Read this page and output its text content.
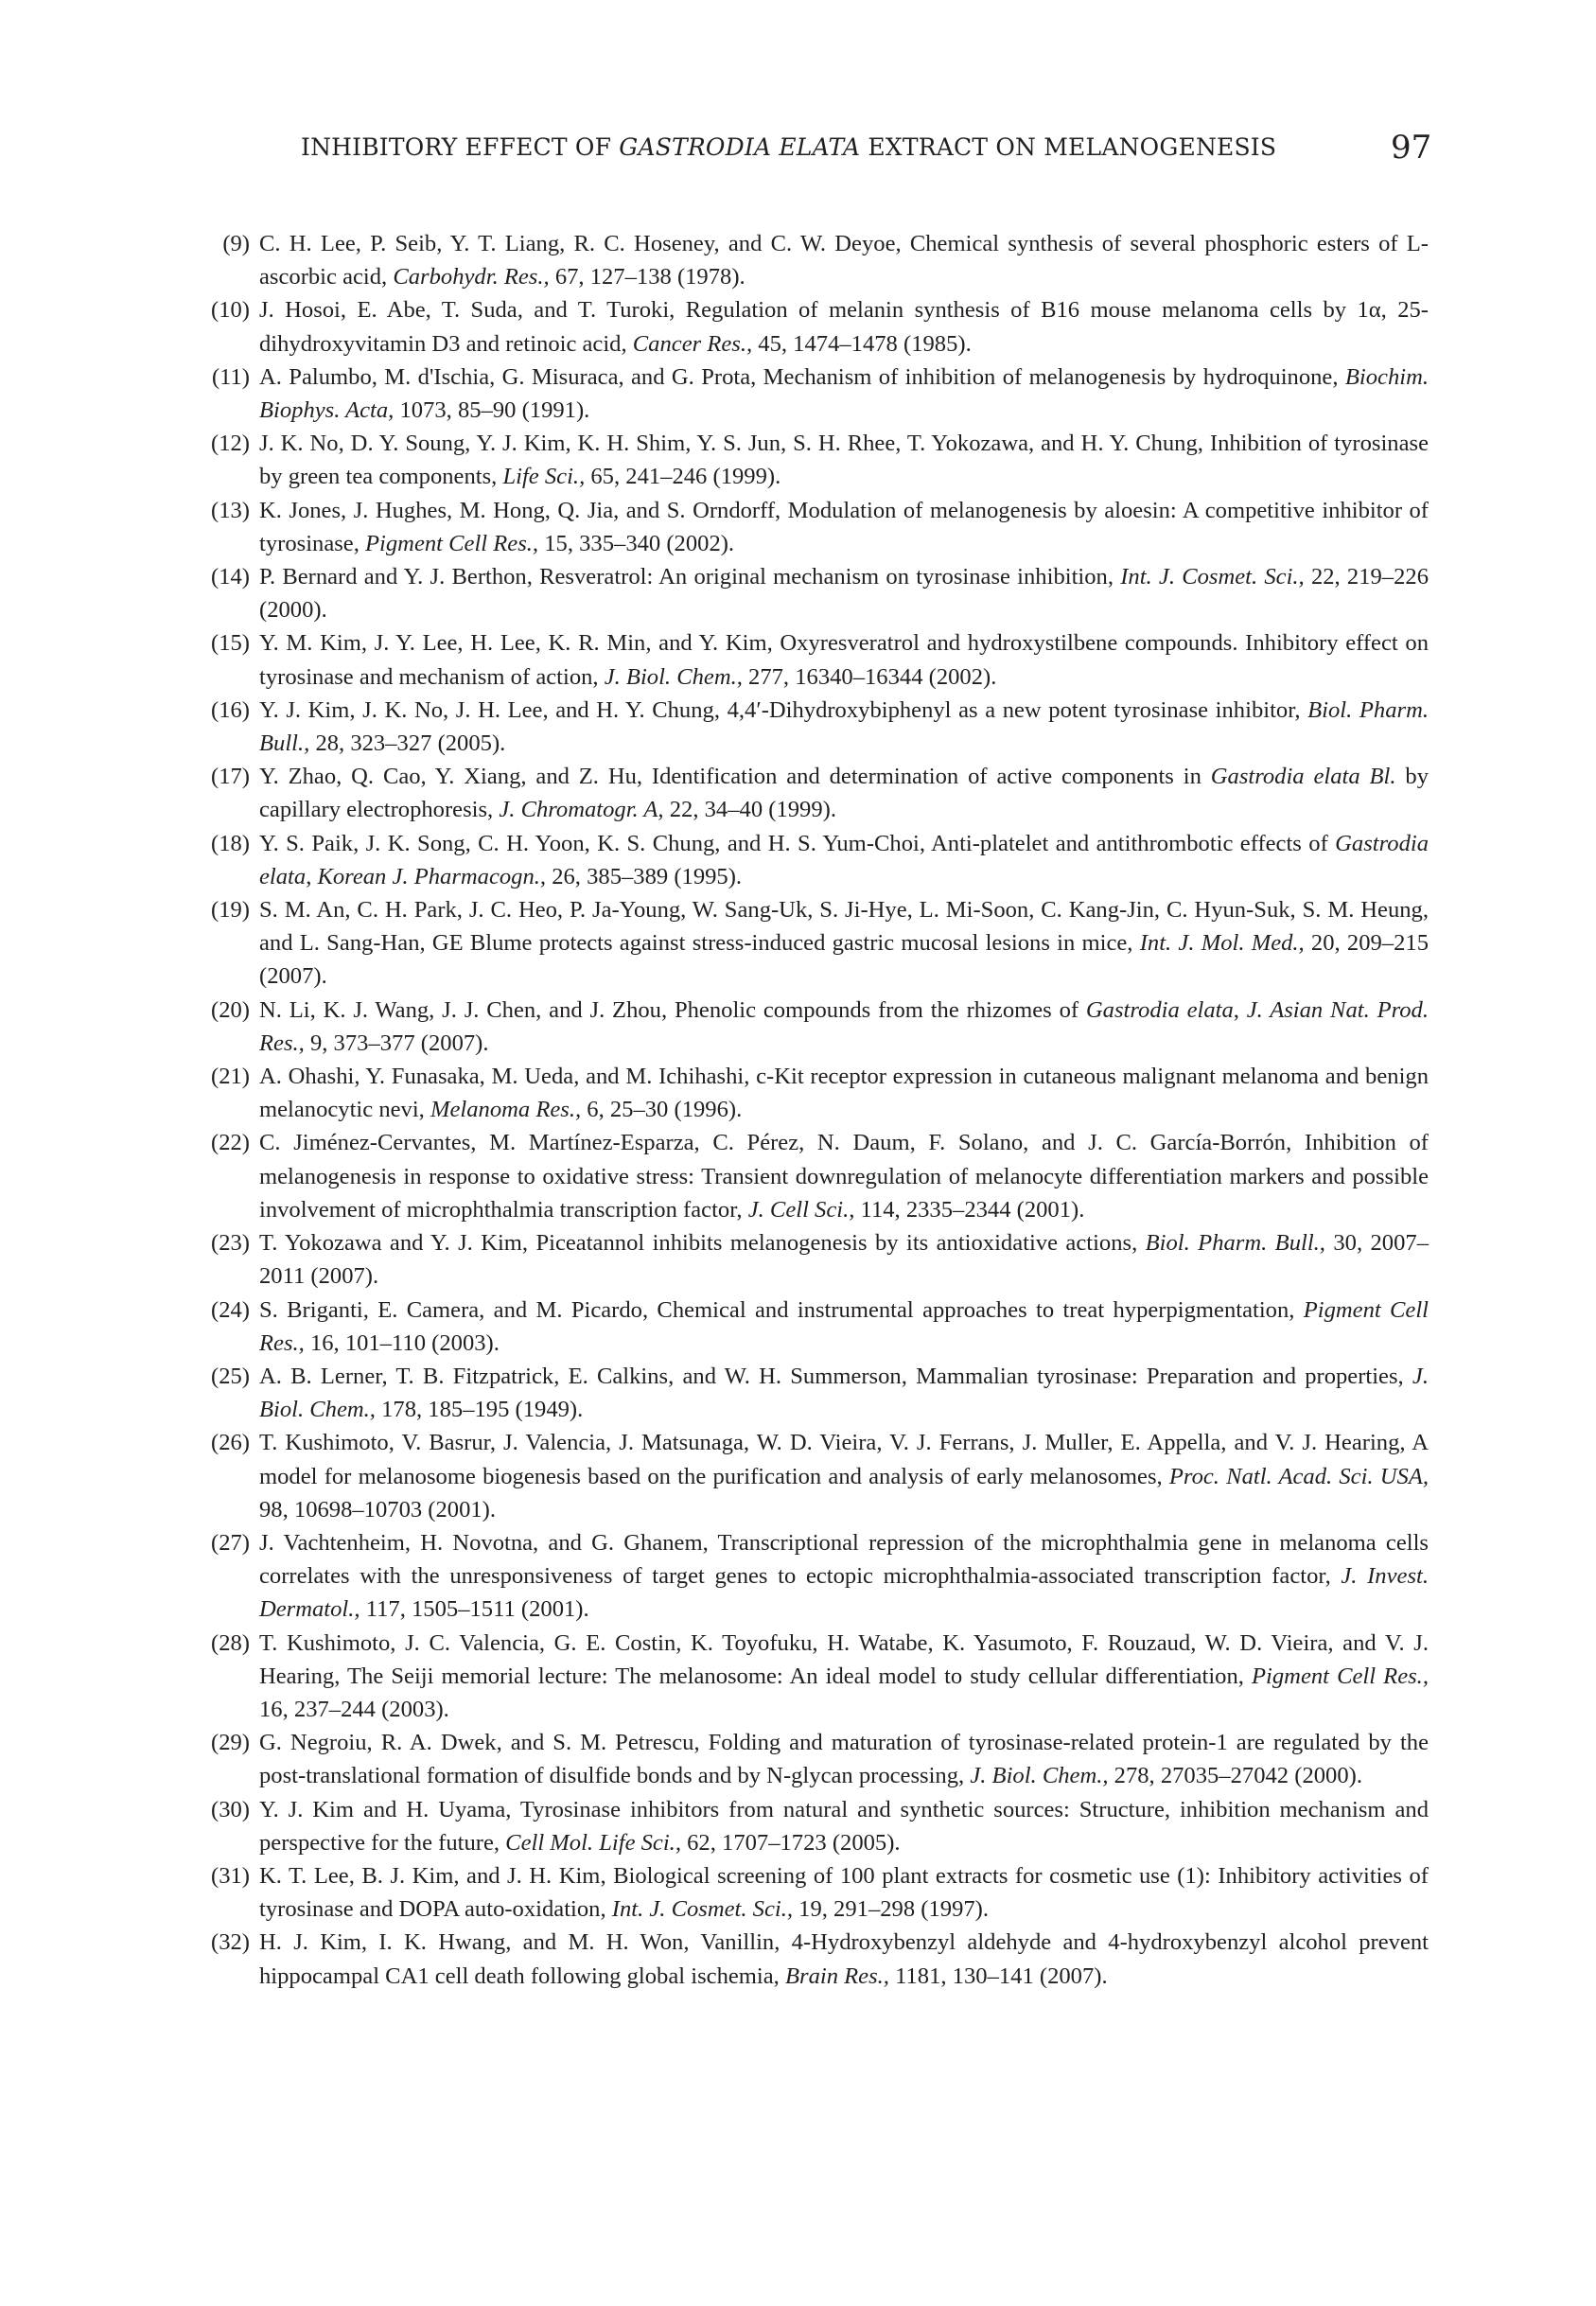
INHIBITORY EFFECT OF GASTRODIA ELATA EXTRACT ON MELANOGENESIS	97
(9) C. H. Lee, P. Seib, Y. T. Liang, R. C. Hoseney, and C. W. Deyoe, Chemical synthesis of several phosphoric esters of L-ascorbic acid, Carbohydr. Res., 67, 127–138 (1978).
(10) J. Hosoi, E. Abe, T. Suda, and T. Turoki, Regulation of melanin synthesis of B16 mouse melanoma cells by 1α, 25-dihydroxyvitamin D3 and retinoic acid, Cancer Res., 45, 1474–1478 (1985).
(11) A. Palumbo, M. d'Ischia, G. Misuraca, and G. Prota, Mechanism of inhibition of melanogenesis by hydroquinone, Biochim. Biophys. Acta, 1073, 85–90 (1991).
(12) J. K. No, D. Y. Soung, Y. J. Kim, K. H. Shim, Y. S. Jun, S. H. Rhee, T. Yokozawa, and H. Y. Chung, Inhibition of tyrosinase by green tea components, Life Sci., 65, 241–246 (1999).
(13) K. Jones, J. Hughes, M. Hong, Q. Jia, and S. Orndorff, Modulation of melanogenesis by aloesin: A competitive inhibitor of tyrosinase, Pigment Cell Res., 15, 335–340 (2002).
(14) P. Bernard and Y. J. Berthon, Resveratrol: An original mechanism on tyrosinase inhibition, Int. J. Cosmet. Sci., 22, 219–226 (2000).
(15) Y. M. Kim, J. Y. Lee, H. Lee, K. R. Min, and Y. Kim, Oxyresveratrol and hydroxystilbene compounds. Inhibitory effect on tyrosinase and mechanism of action, J. Biol. Chem., 277, 16340–16344 (2002).
(16) Y. J. Kim, J. K. No, J. H. Lee, and H. Y. Chung, 4,4′-Dihydroxybiphenyl as a new potent tyrosinase inhibitor, Biol. Pharm. Bull., 28, 323–327 (2005).
(17) Y. Zhao, Q. Cao, Y. Xiang, and Z. Hu, Identification and determination of active components in Gastrodia elata Bl. by capillary electrophoresis, J. Chromatogr. A, 22, 34–40 (1999).
(18) Y. S. Paik, J. K. Song, C. H. Yoon, K. S. Chung, and H. S. Yum-Choi, Anti-platelet and antithrombotic effects of Gastrodia elata, Korean J. Pharmacogn., 26, 385–389 (1995).
(19) S. M. An, C. H. Park, J. C. Heo, P. Ja-Young, W. Sang-Uk, S. Ji-Hye, L. Mi-Soon, C. Kang-Jin, C. Hyun-Suk, S. M. Heung, and L. Sang-Han, GE Blume protects against stress-induced gastric mucosal lesions in mice, Int. J. Mol. Med., 20, 209–215 (2007).
(20) N. Li, K. J. Wang, J. J. Chen, and J. Zhou, Phenolic compounds from the rhizomes of Gastrodia elata, J. Asian Nat. Prod. Res., 9, 373–377 (2007).
(21) A. Ohashi, Y. Funasaka, M. Ueda, and M. Ichihashi, c-Kit receptor expression in cutaneous malignant melanoma and benign melanocytic nevi, Melanoma Res., 6, 25–30 (1996).
(22) C. Jiménez-Cervantes, M. Martínez-Esparza, C. Pérez, N. Daum, F. Solano, and J. C. García-Borrón, Inhibition of melanogenesis in response to oxidative stress: Transient downregulation of melanocyte differentiation markers and possible involvement of microphthalmia transcription factor, J. Cell Sci., 114, 2335–2344 (2001).
(23) T. Yokozawa and Y. J. Kim, Piceatannol inhibits melanogenesis by its antioxidative actions, Biol. Pharm. Bull., 30, 2007–2011 (2007).
(24) S. Briganti, E. Camera, and M. Picardo, Chemical and instrumental approaches to treat hyperpigmentation, Pigment Cell Res., 16, 101–110 (2003).
(25) A. B. Lerner, T. B. Fitzpatrick, E. Calkins, and W. H. Summerson, Mammalian tyrosinase: Preparation and properties, J. Biol. Chem., 178, 185–195 (1949).
(26) T. Kushimoto, V. Basrur, J. Valencia, J. Matsunaga, W. D. Vieira, V. J. Ferrans, J. Muller, E. Appella, and V. J. Hearing, A model for melanosome biogenesis based on the purification and analysis of early melanosomes, Proc. Natl. Acad. Sci. USA, 98, 10698–10703 (2001).
(27) J. Vachtenheim, H. Novotna, and G. Ghanem, Transcriptional repression of the microphthalmia gene in melanoma cells correlates with the unresponsiveness of target genes to ectopic microphthalmia-associated transcription factor, J. Invest. Dermatol., 117, 1505–1511 (2001).
(28) T. Kushimoto, J. C. Valencia, G. E. Costin, K. Toyofuku, H. Watabe, K. Yasumoto, F. Rouzaud, W. D. Vieira, and V. J. Hearing, The Seiji memorial lecture: The melanosome: An ideal model to study cellular differentiation, Pigment Cell Res., 16, 237–244 (2003).
(29) G. Negroiu, R. A. Dwek, and S. M. Petrescu, Folding and maturation of tyrosinase-related protein-1 are regulated by the post-translational formation of disulfide bonds and by N-glycan processing, J. Biol. Chem., 278, 27035–27042 (2000).
(30) Y. J. Kim and H. Uyama, Tyrosinase inhibitors from natural and synthetic sources: Structure, inhibition mechanism and perspective for the future, Cell Mol. Life Sci., 62, 1707–1723 (2005).
(31) K. T. Lee, B. J. Kim, and J. H. Kim, Biological screening of 100 plant extracts for cosmetic use (1): Inhibitory activities of tyrosinase and DOPA auto-oxidation, Int. J. Cosmet. Sci., 19, 291–298 (1997).
(32) H. J. Kim, I. K. Hwang, and M. H. Won, Vanillin, 4-Hydroxybenzyl aldehyde and 4-hydroxybenzyl alcohol prevent hippocampal CA1 cell death following global ischemia, Brain Res., 1181, 130–141 (2007).
